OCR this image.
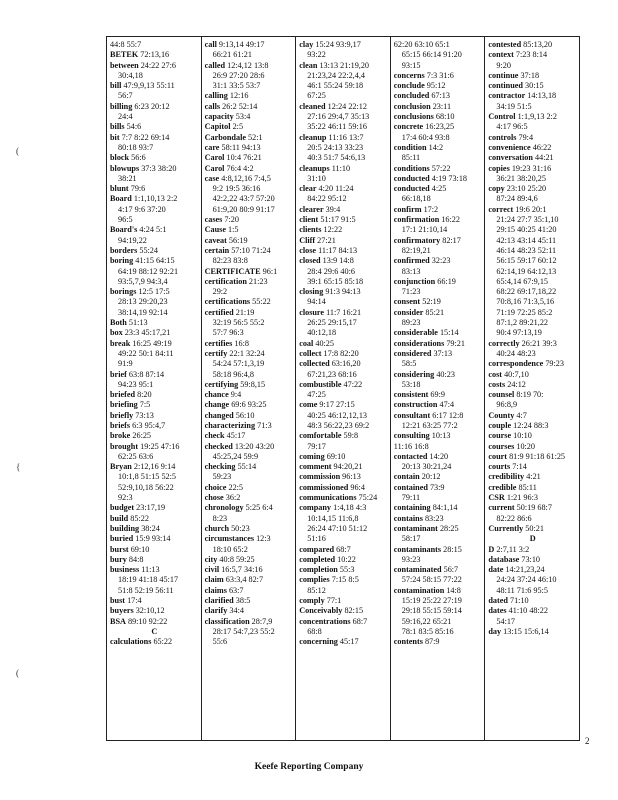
44:8 55:7
BETEK 72:13,16
between 24:22 27:6
30:4,18
bill 47:9,9,13 55:11
56:7
billing 6:23 20:12
24:4
bills 54:6
bit 7:7 8:22 69:14
80:18 93:7
block 56:6
blowups 37:3 38:20
38:21
blunt 79:6
Board 1:1,10,13 2:2
4:17 9:6 37:20
96:5
Board's 4:24 5:1
94:19,22
borders 55:24
boring 41:15 64:15
64:19 88:12 92:21
93:5,7,9 94:3,4
borings 12:5 17:5
28:13 29:20,23
38:14,19 92:14
Both 51:13
box 23:3 45:17,21
break 16:25 49:19
49:22 50:1 84:11
91:9
brief 63:8 87:14
94:23 95:1
briefed 8:20
briefing 7:5
briefly 73:13
briefs 6:3 95:4,7
broke 26:25
brought 19:25 47:16
62:25 63:6
Bryan 2:12,16 9:14
10:1,8 51:15 52:5
52:9,10,18 56:22
92:3
budget 23:17,19
build 85:22
building 38:24
buried 15:9 93:14
burst 69:10
bury 84:8
business 11:13
18:19 41:18 45:17
51:8 52:19 56:11
bust 17:4
buyers 32:10,12
BSA 89:10 92:22
C
calculations 65:22
call 9:13,14 49:17
66:21 61:21
called 12:4,12 13:8
26:9 27:20 28:6
31:1 33:5 53:7
calling 12:16
calls 26:2 52:14
capacity 53:4
Capitol 2:5
Carbondale 52:1
care 58:11 94:13
Carol 10:4 76:21
Carol 76:4 4:2
case 4:8,12,16 7:4,5
9:2 19:5 36:16
42:2,22 43:7 57:20
61:9,20 80:9 91:17
cases 7:20
Cause 1:5
caveat 56:19
certain 57:10 71:24
82:23 83:8
CERTIFICATE 96:1
certification 21:23
29:2
certifications 55:22
certified 21:19
32:19 56:5 55:2
57:7 96:3
certifies 16:8
certify 22:1 32:24
54:24 57:1,3,19
58:18 96:4,8
certifying 59:8,15
chance 9:4
change 69:6 93:25
changed 56:10
characterizing 71:3
check 45:17
checked 13:20 43:20
45:25,24 59:9
checking 55:14
59:23
choice 22:5
chose 36:2
chronology 5:25 6:4
8:23
church 50:23
circumstances 12:3
18:10 65:2
city 40:8 59:25
civil 16:5,7 34:16
claim 63:3,4 82:7
claims 63:7
clarified 38:5
clarify 34:4
classification 28:7,9
28:17 54:7,23 55:2
55:6
clay 15:24 93:9,17
93:22
clean 13:13 21:19,20
21:23,24 22:2,4,4
46:1 55:24 59:18
67:25
cleaned 12:24 22:12
27:16 29:4,7 35:13
35:22 46:11 59:16
cleanup 11:16 13:7
20:5 24:13 33:23
40:3 51:7 54:6,13
cleanups 11:10
31:10
clear 4:20 11:24
84:22 95:12
clearer 39:4
client 51:17 91:5
clients 12:22
Cliff 27:21
close 11:17 84:13
closed 13:9 14:8
28:4 29:6 40:6
39:1 65:15 85:18
closing 91:3 94:13
94:14
closure 11:7 16:21
26:25 29:15,17
40:12,18
coal 40:25
collect 17:8 82:20
collected 63:16,20
67:21,23 68:16
combustible 47:22
47:25
come 9:17 27:15
40:25 46:12,12,13
48:3 56:22,23 69:2
comfortable 59:8
79:17
coming 69:10
comment 94:20,21
commission 96:13
commissioned 96:4
communications 75:24
company 1:4,18 4:3
10:14,15 11:6,8
26:24 47:10 51:12
51:16
compared 68:7
completed 10:22
completion 55:3
complies 7:15 8:5
85:12
comply 77:1
Conceivably 82:15
concentrations 68:7
68:8
concerning 45:17
62:20 63:10 65:1
65:15 66:14 91:20
93:15
concerns 7:3 31:6
conclude 95:12
concluded 67:13
conclusion 23:11
conclusions 68:10
concrete 16:23,25
17:4 60:4 93:8
condition 14:2
85:11
conditions 57:22
conducted 4:19 73:18
conducted 4:25
66:18,18
confirm 17:2
confirmation 16:22
17:1 21:10,14
confirmatory 82:17
82:19,21
confirmed 32:23
83:13
conjunction 66:19
71:23
consent 52:19
consider 85:21
89:23
considerable 15:14
considerations 79:21
considered 37:13
58:5
considering 40:23
53:18
consistent 69:9
construction 47:4
consultant 6:17 12:8
12:21 63:25 77:2
consulting 10:13
11:16 16:8
contacted 14:20
20:13 30:21,24
contain 20:12
contained 73:9
79:11
containing 84:1,14
contains 83:23
contaminant 28:25
58:17
contaminants 28:15
93:23
contaminated 56:7
57:24 58:15 77:22
contamination 14:8
15:19 25:22 27:19
29:18 55:15 59:14
59:16,22 65:21
78:1 83:5 85:16
contents 87:9
contested 85:13,20
context 7:23 8:14
9:20
continue 37:18
continued 30:15
contractor 14:13,18
34:19 51:5
Control 1:1,9,13 2:2
4:17 96:5
controls 79:4
convenience 46:22
conversation 44:21
copies 19:23 31:16
36:21 38:20,25
copy 23:10 25:20
87:24 89:4,6
correct 19:6 20:1
21:24 27:7 35:1,10
29:15 40:25 41:20
42:13 43:14 45:11
46:14 48:23 52:11
56:15 59:17 60:12
62:14,19 64:12,13
65:4,14 67:9,15
68:22 69:17,18,22
70:8,16 71:3,5,16
71:19 72:25 85:2
87:1,2 89:21,22
90:4 97:13,19
correctly 26:21 39:3
40:24 48:23
correspondence 79:23
cost 40:7,10
costs 24:12
counsel 8:19 70:
96:8,9
County 4:7
couple 12:24 88:3
course 10:10
courses 10:20
court 81:9 91:18 61:25
courts 7:14
credibility 4:21
credible 85:11
CSR 1:21 96:3
current 50:19 68:7
82:22 86:6
Currently 50:21
D
D 2:7,11 3:2
database 73:10
date 14:21,23,24
24:24 37:24 46:10
48:11 71:6 95:5
dated 71:10
dates 41:10 48:22
54:17
day 13:15 15:6,14
(
{
(
2
Keefe Reporting Company
